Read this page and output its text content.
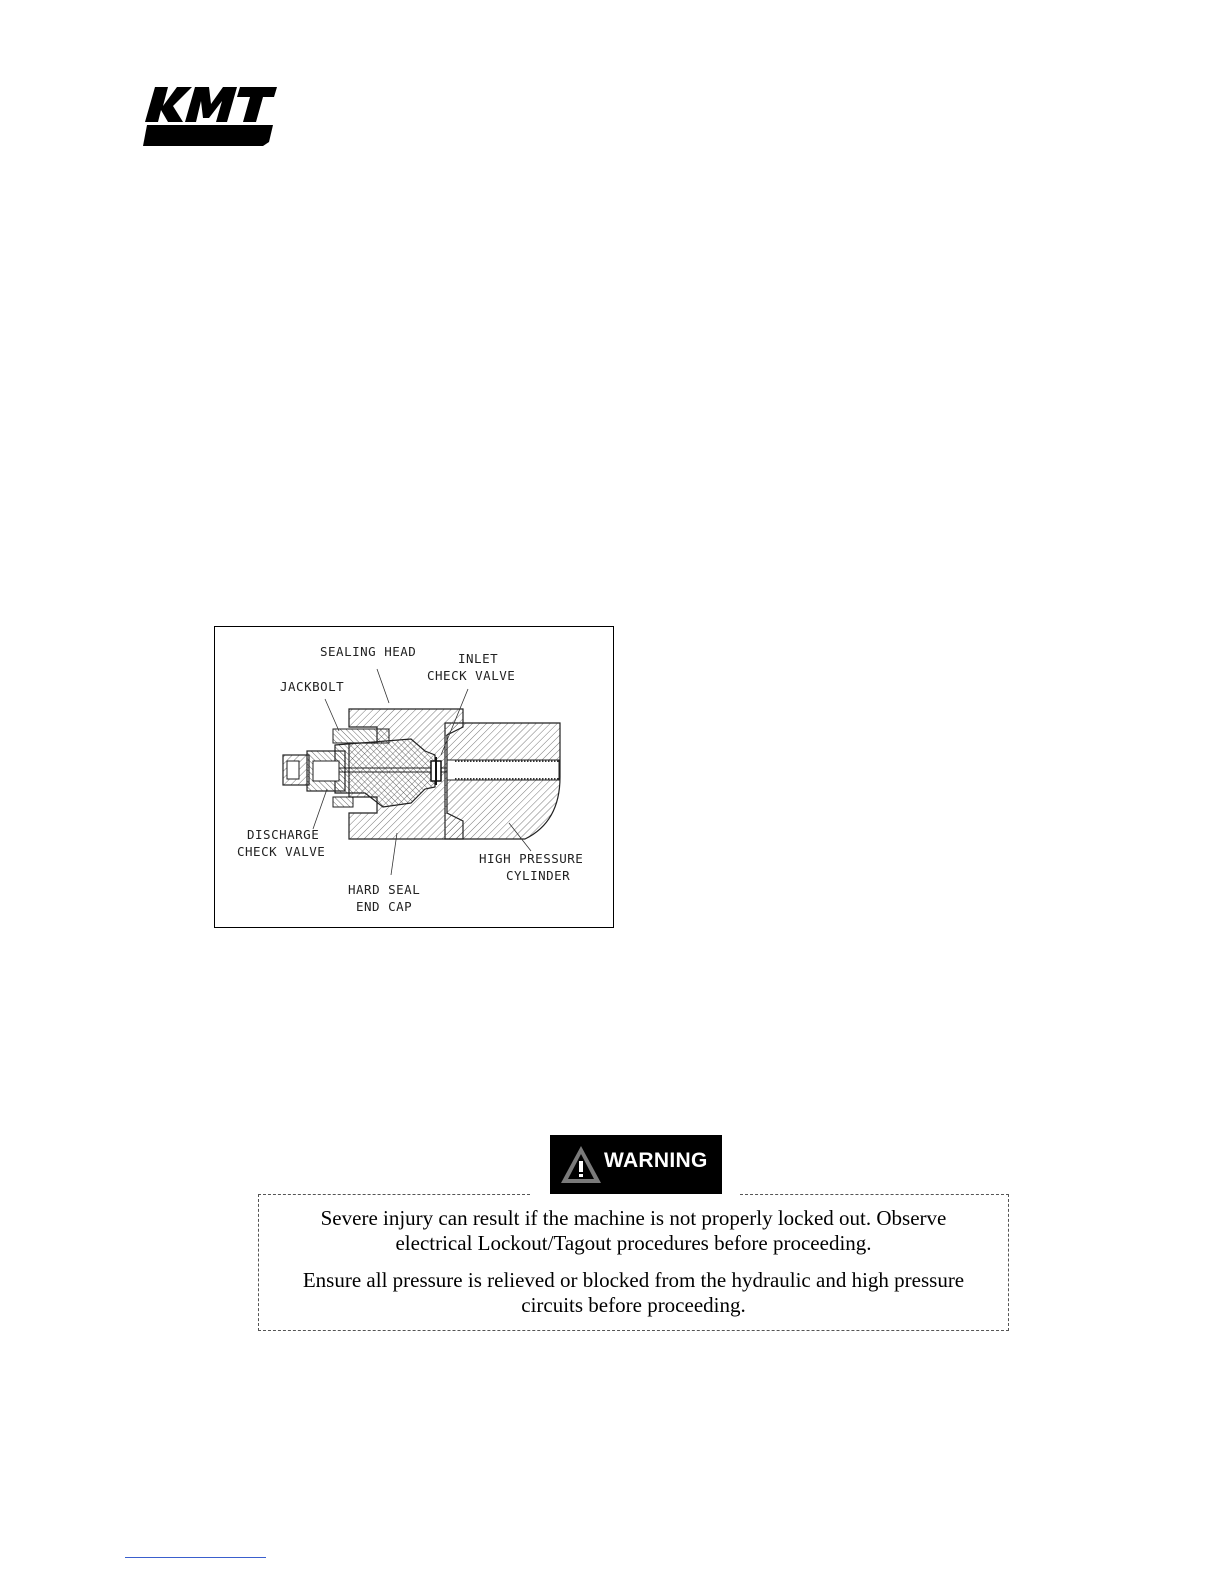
SEALING HEAD	INLET
CHECK VALVE
JACKBOLT
DISCHARGE
CHECK VALVE	HIGH PRESSURE
CYLINDER
HARD SEAL
END CAP
WARNING

Severe injury can result if the machine is not properly locked out. Observe

electrical Lockout/Tagout procedures before proceeding.

Ensure all pressure is relieved or blocked from the hydraulic and high pressure

circuits before proceeding.
